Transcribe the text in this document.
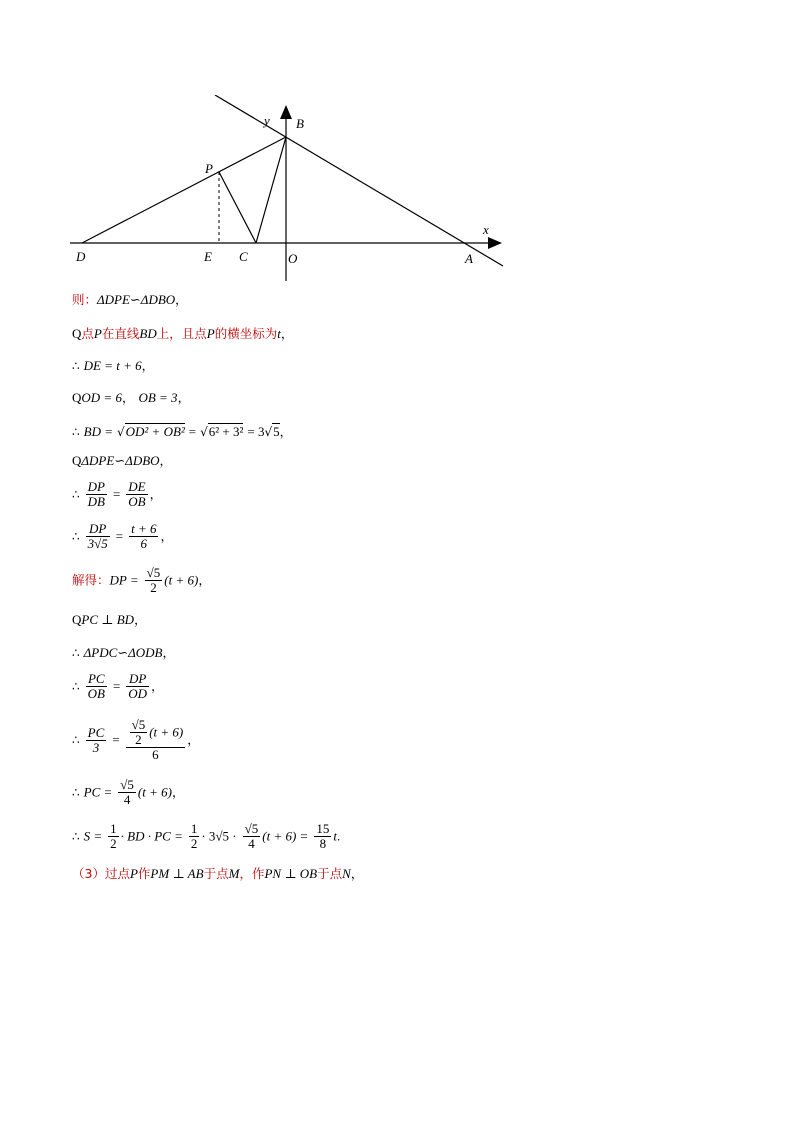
y B
P
x
D	E C	O	A
则：ΔDPE∽ΔDBO，
Q点P在直线BD上，且点P的横坐标为t，
∴ DE = t + 6，
QOD = 6， OB = 3，
∴ BD = √OD² + OB² = √6² + 3² = 3√5，
QΔDPE∽ΔDBO，
∴ $\frac{DP}{DB} = \frac{DE}{OB}$ ，
∴ $\frac{DP}{3√5} = \frac{t + 6}{6}$ ，
解得：DP = $\frac{√5}{2} (t + 6)$，
QPC ⊥ BD，
∴ ΔPDC∽ΔODB，
∴ $\frac{PC}{OB} = \frac{DP}{OD}$ ，
∴ $\frac{PC}{3} = \frac{\frac{√5}{2} (t + 6)}{6}$ ，
∴ PC = $\frac{√5}{4} (t + 6)$，
∴ $S = \frac{1}{2}$ · BD · PC = $\frac{1}{2} \cdot 3√5 \cdot \frac{√5}{4} (t + 6) = \frac{15}{8} t$.
（3）过点P作PM ⊥ AB于点M，作PN ⊥ OB于点N，
